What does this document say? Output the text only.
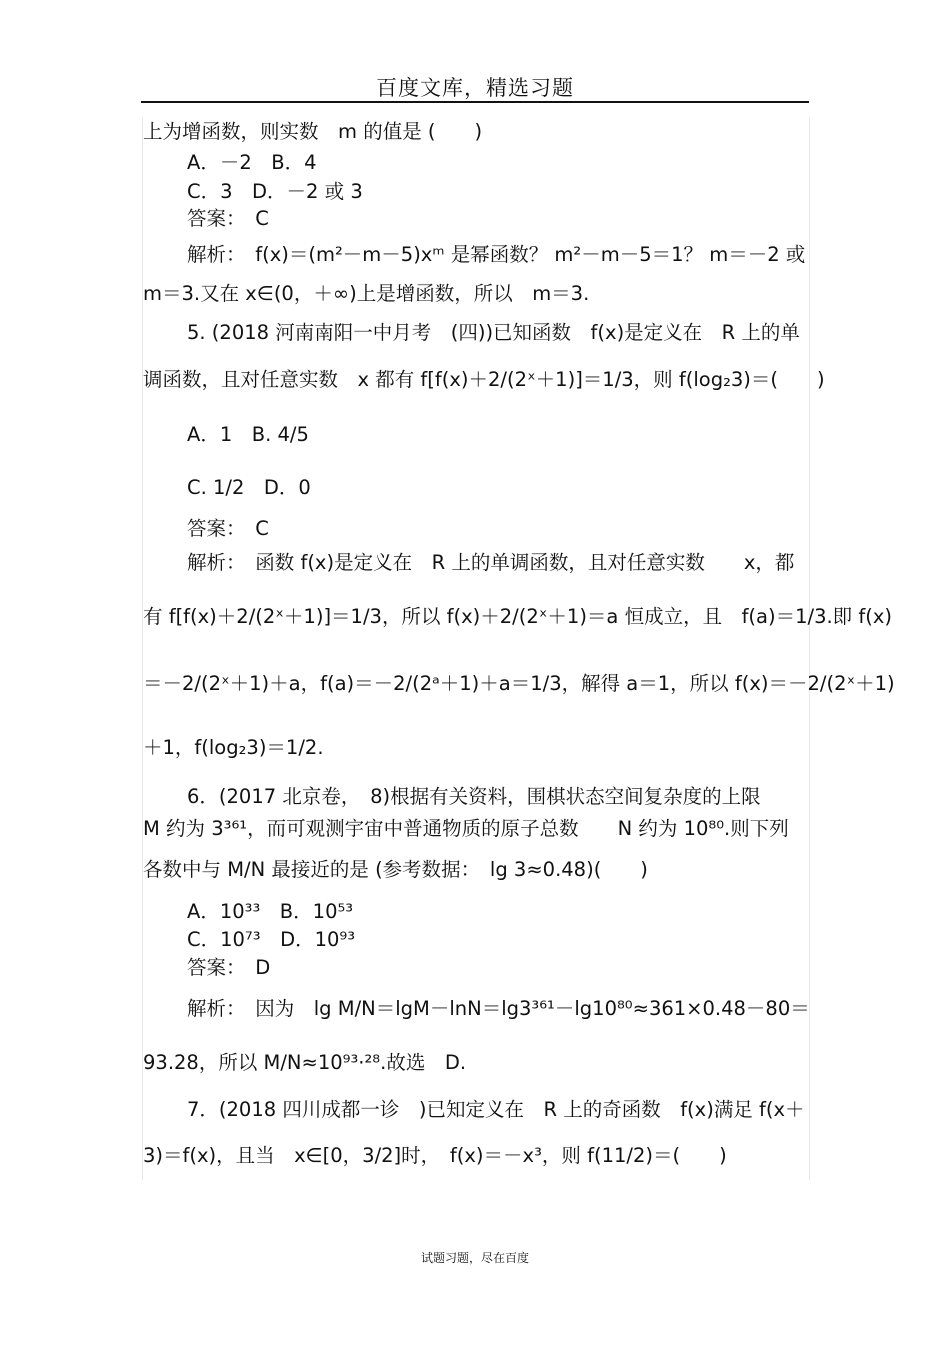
百度文库，精选习题
上为增函数，则实数　m 的值是 (　　)
A．－2　B．4
C．3　D．－2 或 3
答案：　C
解析：　f(x)＝(m²－m－5)xᵐ 是幂函数？ m²－m－5＝1？ m＝－2 或
m＝3.又在 x∈(0，＋∞)上是增函数，所以　m＝3.
5. (2018 河南南阳一中月考　(四))已知函数　f(x)是定义在　R 上的单
调函数，且对任意实数　x 都有 f[f(x)＋2/(2ˣ＋1)]＝1/3，则 f(log₂3)＝(　　)
A．1　B. 4/5
C. 1/2　D．0
答案：　C
解析：　函数 f(x)是定义在　R 上的单调函数，且对任意实数　　x，都
有 f[f(x)＋2/(2ˣ＋1)]＝1/3，所以 f(x)＋2/(2ˣ＋1)＝a 恒成立，且　f(a)＝1/3.即 f(x)
＝－2/(2ˣ＋1)＋a，f(a)＝－2/(2ᵃ＋1)＋a＝1/3，解得 a＝1，所以 f(x)＝－2/(2ˣ＋1)
＋1，f(log₂3)＝1/2.
6．(2017 北京卷，　8)根据有关资料，围棋状态空间复杂度的上限
M 约为 3³⁶¹，而可观测宇宙中普通物质的原子总数　　N 约为 10⁸⁰.则下列
各数中与 M/N 最接近的是 (参考数据：　lg 3≈0.48)(　　)
A．10³³　B．10⁵³
C．10⁷³　D．10⁹³
答案：　D
解析：　因为　lg M/N＝lgM－lnN＝lg3³⁶¹－lg10⁸⁰≈361×0.48－80＝
93.28，所以 M/N≈10⁹³·²⁸.故选　D.
7．(2018 四川成都一诊　)已知定义在　R 上的奇函数　f(x)满足 f(x＋
3)＝f(x)，且当　x∈[0，3/2]时，　f(x)＝－x³，则 f(11/2)＝(　　)
试题习题，尽在百度
